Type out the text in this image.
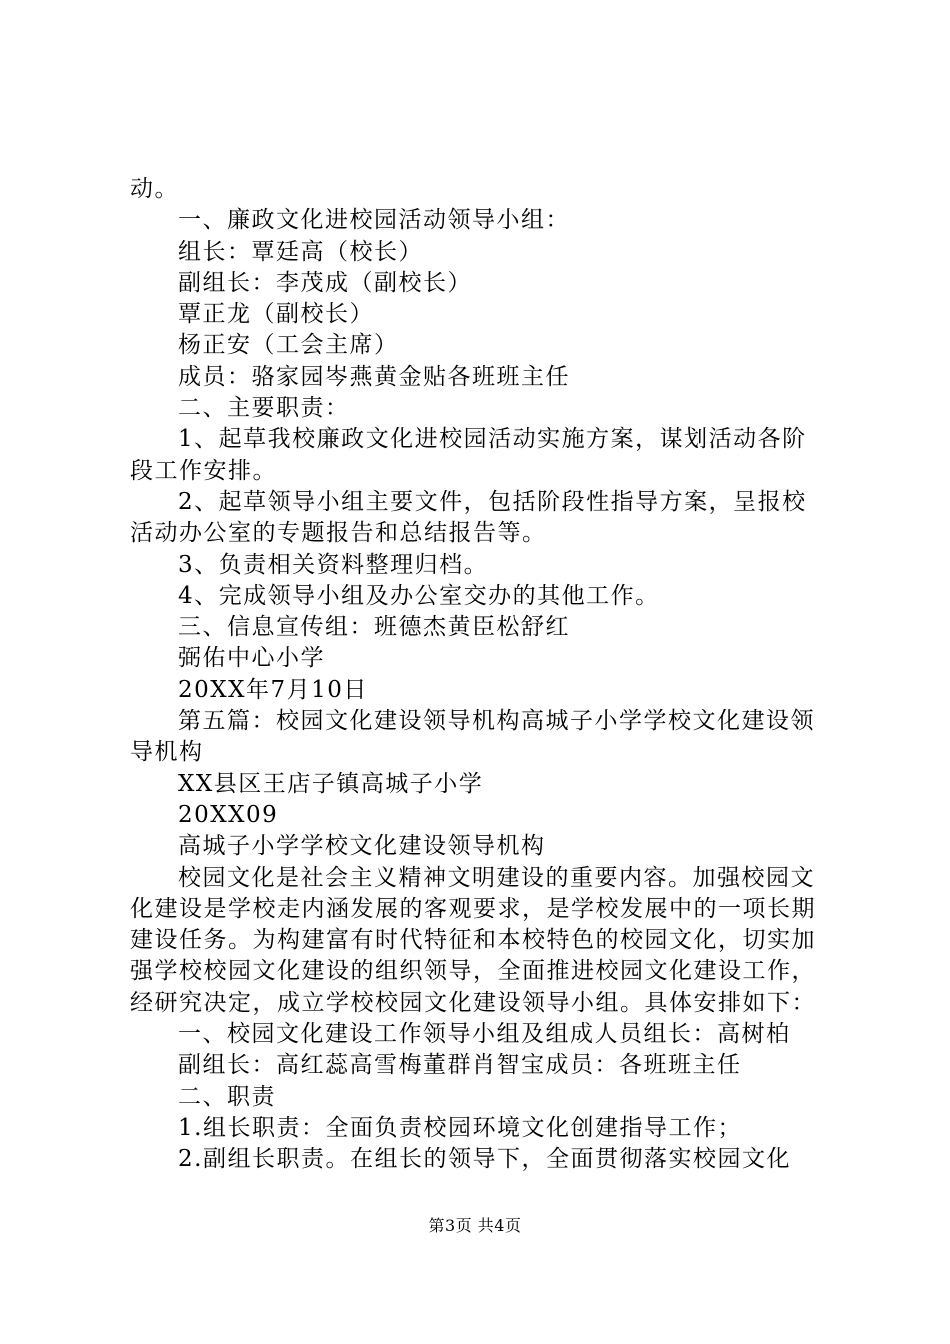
动。

一、廉政文化进校园活动领导小组：

组长：覃廷高（校长）

副组长：李茂成（副校长）

覃正龙（副校长）

杨正安（工会主席）

成员：骆家园岑燕黄金贴各班班主任

二、主要职责：

1、起草我校廉政文化进校园活动实施方案，谋划活动各阶段工作安排。

2、起草领导小组主要文件，包括阶段性指导方案，呈报校活动办公室的专题报告和总结报告等。

3、负责相关资料整理归档。

4、完成领导小组及办公室交办的其他工作。

三、信息宣传组：班德杰黄臣松舒红

弼佑中心小学

20XX年7月10日

第五篇：校园文化建设领导机构高城子小学学校文化建设领导机构

XX县区王店子镇高城子小学

20XX09

高城子小学学校文化建设领导机构

校园文化是社会主义精神文明建设的重要内容。加强校园文化建设是学校走内涵发展的客观要求，是学校发展中的一项长期建设任务。为构建富有时代特征和本校特色的校园文化，切实加强学校校园文化建设的组织领导，全面推进校园文化建设工作，经研究决定，成立学校校园文化建设领导小组。具体安排如下：

一、校园文化建设工作领导小组及组成人员组长：高树柏

副组长：高红蕊高雪梅董群肖智宝成员：各班班主任

二、职责

1.组长职责：全面负责校园环境文化创建指导工作；

2.副组长职责。在组长的领导下，全面贯彻落实校园文化

第3页 共4页
